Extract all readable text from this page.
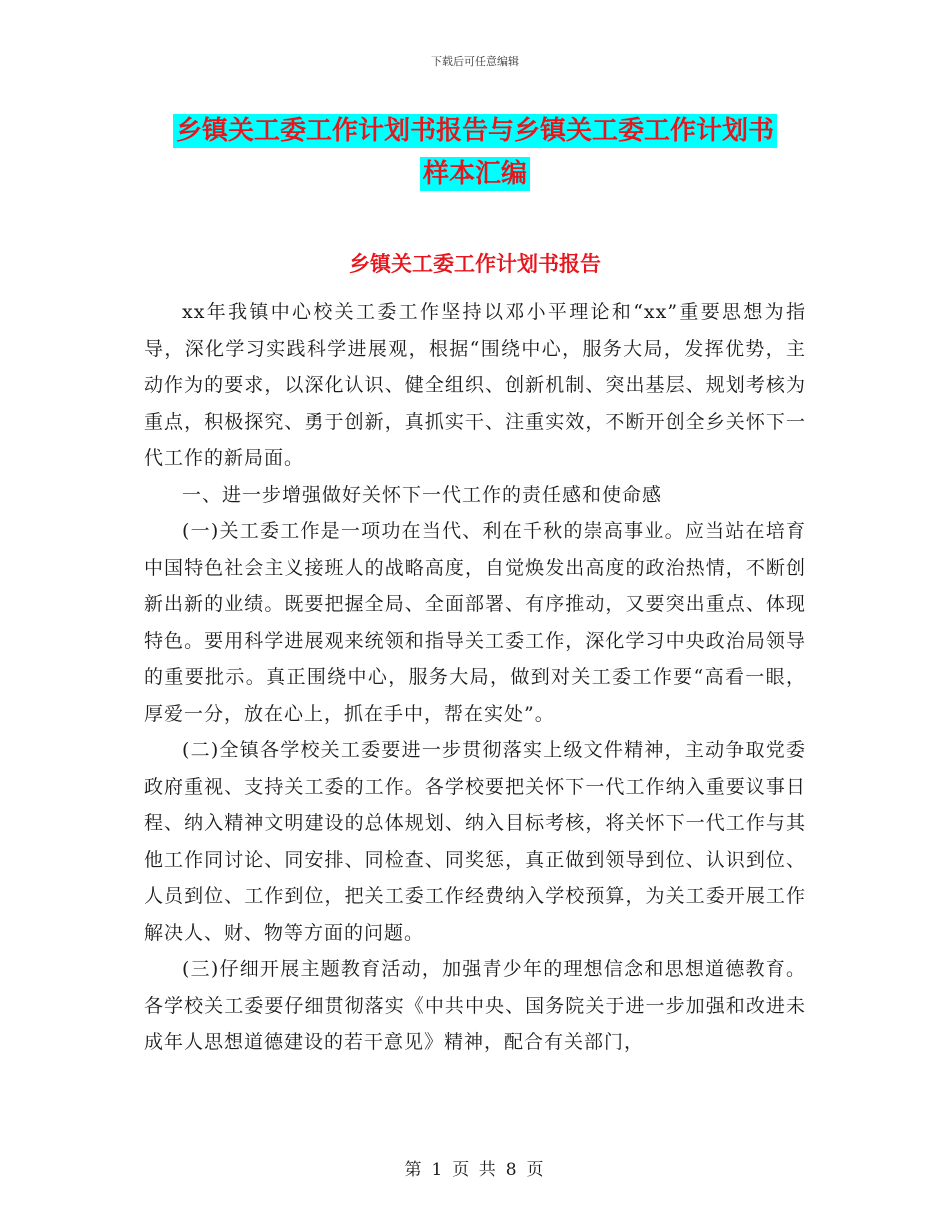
下载后可任意编辑
乡镇关工委工作计划书报告与乡镇关工委工作计划书
样本汇编
乡镇关工委工作计划书报告

xx年我镇中心校关工委工作坚持以邓小平理论和“xx”重要思想为指导，深化学习实践科学进展观，根据“围绕中心，服务大局，发挥优势，主动作为的要求，以深化认识、健全组织、创新机制、突出基层、规划考核为重点，积极探究、勇于创新，真抓实干、注重实效，不断开创全乡关怀下一代工作的新局面。

一、进一步增强做好关怀下一代工作的责任感和使命感

(一)关工委工作是一项功在当代、利在千秋的崇高事业。应当站在培育中国特色社会主义接班人的战略高度，自觉焕发出高度的政治热情，不断创新出新的业绩。既要把握全局、全面部署、有序推动，又要突出重点、体现特色。要用科学进展观来统领和指导关工委工作，深化学习中央政治局领导的重要批示。真正围绕中心，服务大局，做到对关工委工作要“高看一眼，厚爱一分，放在心上，抓在手中，帮在实处”。

(二)全镇各学校关工委要进一步贯彻落实上级文件精神，主动争取党委政府重视、支持关工委的工作。各学校要把关怀下一代工作纳入重要议事日程、纳入精神文明建设的总体规划、纳入目标考核，将关怀下一代工作与其他工作同讨论、同安排、同检查、同奖惩，真正做到领导到位、认识到位、人员到位、工作到位，把关工委工作经费纳入学校预算，为关工委开展工作解决人、财、物等方面的问题。

(三)仔细开展主题教育活动，加强青少年的理想信念和思想道德教育。各学校关工委要仔细贯彻落实《中共中央、国务院关于进一步加强和改进未成年人思想道德建设的若干意见》精神，配合有关部门，

第 1 页 共 8 页
